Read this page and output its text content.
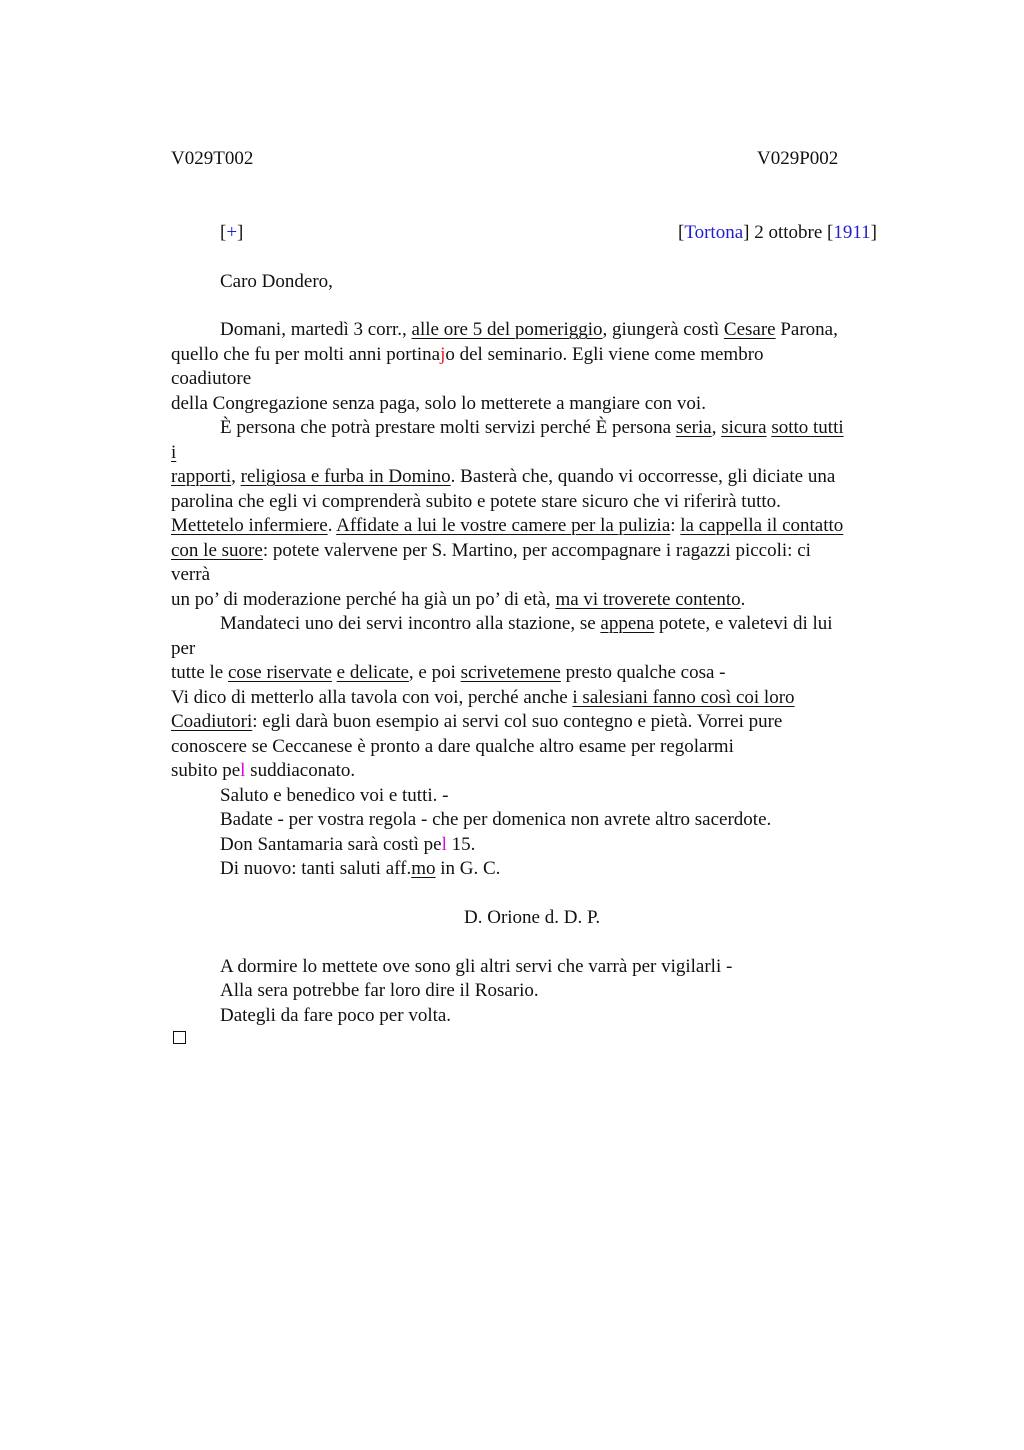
V029T002	V029P002
[+]	[Tortona] 2 ottobre [1911]
Caro Dondero,
Domani, martedì 3 corr., alle ore 5 del pomeriggio, giungerà costì Cesare Parona,
quello che fu per molti anni portinajo del seminario. Egli viene come membro
coadiutore
della Congregazione senza paga, solo lo metterete a mangiare con voi.
È persona che potrà prestare molti servizi perché È persona seria, sicura sotto tutti
i
rapporti, religiosa e furba in Domino. Basterà che, quando vi occorresse, gli diciate una
parolina che egli vi comprenderà subito e potete stare sicuro che vi riferirà tutto.
Mettetelo infermiere. Affidate a lui le vostre camere per la pulizia: la cappella il contatto
con le suore: potete valervene per S. Martino, per accompagnare i ragazzi piccoli: ci
verrà
un po’ di moderazione perché ha già un po’ di età, ma vi troverete contento.
Mandateci uno dei servi incontro alla stazione, se appena potete, e valetevi di lui
per
tutte le cose riservate e delicate, e poi scrivetemene presto qualche cosa -
Vi dico di metterlo alla tavola con voi, perché anche i salesiani fanno così coi loro
Coadiutori: egli darà buon esempio ai servi col suo contegno e pietà. Vorrei pure
conoscere se Ceccanese è pronto a dare qualche altro esame per regolarmi
subito pel suddiaconato.
Saluto e benedico voi e tutti. -
Badate - per vostra regola - che per domenica non avrete altro sacerdote.
Don Santamaria sarà costì pel 15.
Di nuovo: tanti saluti aff.mo in G. C.
D. Orione d. D. P.
A dormire lo mettete ove sono gli altri servi che varrà per vigilarli -
Alla sera potrebbe far loro dire il Rosario.
Dategli da fare poco per volta.
